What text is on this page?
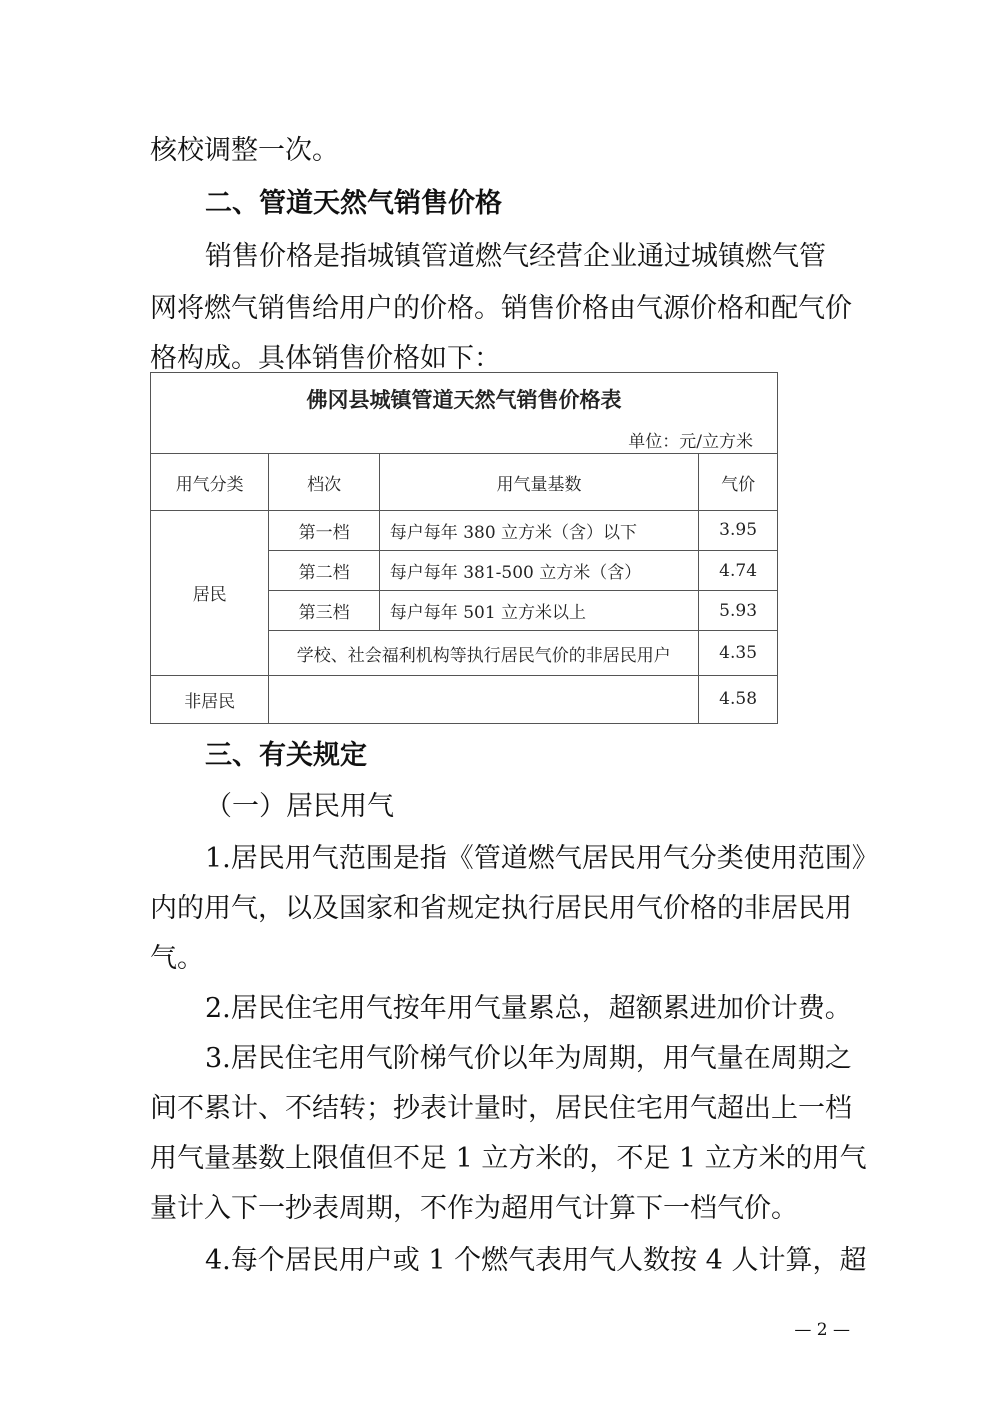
核校调整一次。
二、管道天然气销售价格
销售价格是指城镇管道燃气经营企业通过城镇燃气管
网将燃气销售给用户的价格。销售价格由气源价格和配气价
格构成。具体销售价格如下：
佛冈县城镇管道天然气销售价格表			
单位：元/立方米			
用气分类	档次	用气量基数	气价
居民	第一档	每户每年 380 立方米（含）以下	3.95
	第二档	每户每年 381-500 立方米（含）	4.74
	第三档	每户每年 501 立方米以上	5.93
	学校、社会福利机构等执行居民气价的非居民用户		4.35
非居民			4.58
三、有关规定
（一）居民用气
1.居民用气范围是指《管道燃气居民用气分类使用范围》
内的用气，以及国家和省规定执行居民用气价格的非居民用
气。
2.居民住宅用气按年用气量累总，超额累进加价计费。
3.居民住宅用气阶梯气价以年为周期，用气量在周期之
间不累计、不结转；抄表计量时，居民住宅用气超出上一档
用气量基数上限值但不足 1 立方米的，不足 1 立方米的用气
量计入下一抄表周期，不作为超用气计算下一档气价。
4.每个居民用户或 1 个燃气表用气人数按 4 人计算，超
— 2 —
